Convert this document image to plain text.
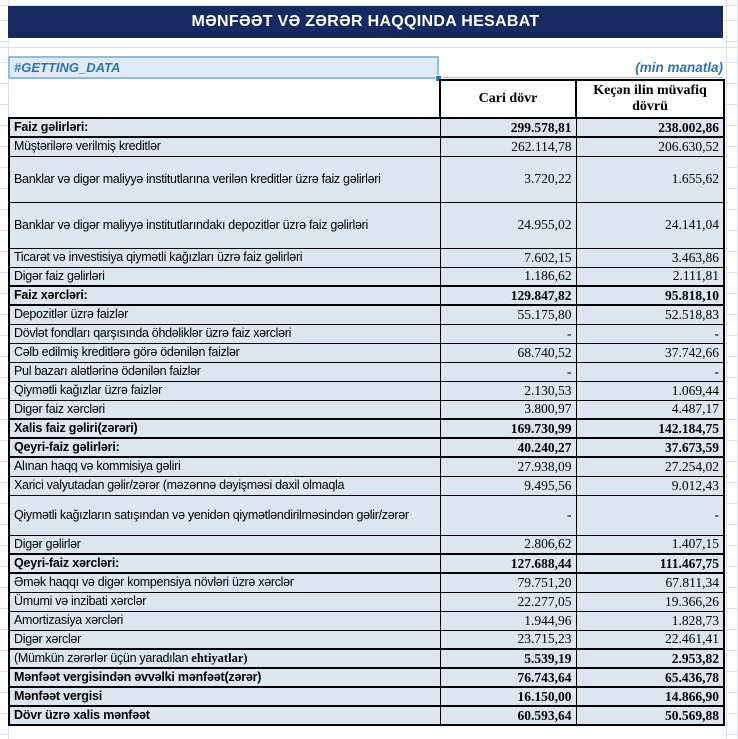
MƏNFƏƏT VƏ ZƏRƏR HAQQINDA HESABAT
#GETTING_DATA	(min manatla)
	Cari dövr	Keçən ilin müvafiq dövrü
Faiz gəlirləri:	299.578,81	238.002,86
Müştərilərə verilmiş kreditlər	262.114,78	206.630,52
Banklar və digər maliyyə institutlarına verilən kreditlər üzrə faiz gəlirləri	3.720,22	1.655,62
Banklar və digər maliyyə institutlarındakı depozitlər üzrə faiz gəlirləri	24.955,02	24.141,04
Ticarət və investisiya qiymətli kağızları üzrə faiz gəlirləri	7.602,15	3.463,86
Digər faiz gəlirləri	1.186,62	2.111,81
Faiz xərcləri:	129.847,82	95.818,10
Depozitlər üzrə faizlər	55.175,80	52.518,83
Dövlət fondları qarşısında öhdəliklər üzrə faiz xərcləri	-	-
Cəlb edilmiş kreditlərə görə ödənilən faizlər	68.740,52	37.742,66
Pul bazarı alətlərinə ödənilən faizlər	-	-
Qiymətli kağızlar üzrə faizlər	2.130,53	1.069,44
Digər faiz xərcləri	3.800,97	4.487,17
Xalis faiz gəliri(zərəri)	169.730,99	142.184,75
Qeyri-faiz gəlirləri:	40.240,27	37.673,59
Alınan haqq və kommisiya gəliri	27.938,09	27.254,02
Xarici valyutadan gəlir/zərər (məzənnə dəyişməsi daxil olmaqla	9.495,56	9.012,43
Qiymətli kağızların satışından və yenidən qiymətləndirilməsindən gəlir/zərər	-	-
Digər gəlirlər	2.806,62	1.407,15
Qeyri-faiz xərcləri:	127.688,44	111.467,75
Əmək haqqı və digər kompensiya növləri üzrə xərclər	79.751,20	67.811,34
Ümumi və inzibati xərclər	22.277,05	19.366,26
Amortizasiya xərcləri	1.944,96	1.828,73
Digər xərclər	23.715,23	22.461,41
(Mümkün zərərlər üçün yaradılan ehtiyatlar)	5.539,19	2.953,82
Mənfəət vergisindən əvvəlki mənfəət(zərər)	76.743,64	65.436,78
Mənfəət vergisi	16.150,00	14.866,90
Dövr üzrə xalis mənfəət	60.593,64	50.569,88
